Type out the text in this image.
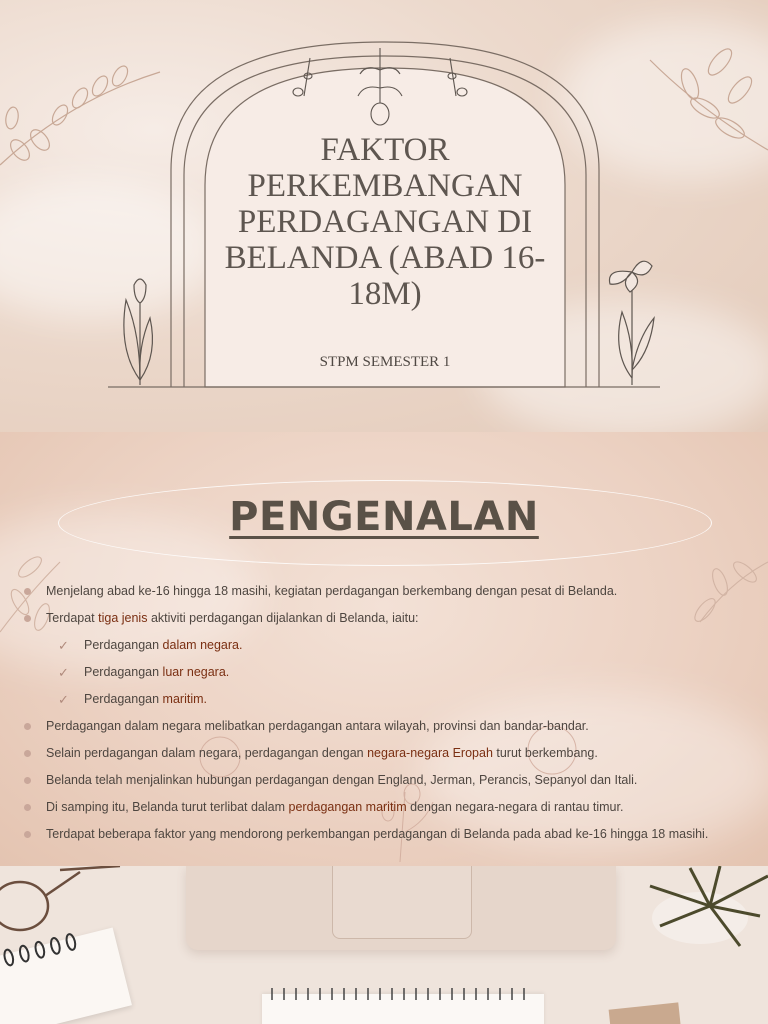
FAKTOR PERKEMBANGAN PERDAGANGAN DI BELANDA (ABAD 16-18M)
STPM SEMESTER 1
PENGENALAN
Menjelang abad ke-16 hingga 18 masihi, kegiatan perdagangan berkembang dengan pesat di Belanda.
Terdapat tiga jenis aktiviti perdagangan dijalankan di Belanda, iaitu:
✓ Perdagangan dalam negara.
✓ Perdagangan luar negara.
✓ Perdagangan maritim.
Perdagangan dalam negara melibatkan perdagangan antara wilayah, provinsi dan bandar-bandar.
Selain perdagangan dalam negara, perdagangan dengan negara-negara Eropah turut berkembang.
Belanda telah menjalinkan hubungan perdagangan dengan England, Jerman, Perancis, Sepanyol dan Itali.
Di samping itu, Belanda turut terlibat dalam perdagangan maritim dengan negara-negara di rantau timur.
Terdapat beberapa faktor yang mendorong perkembangan perdagangan di Belanda pada abad ke-16 hingga 18 masihi.
